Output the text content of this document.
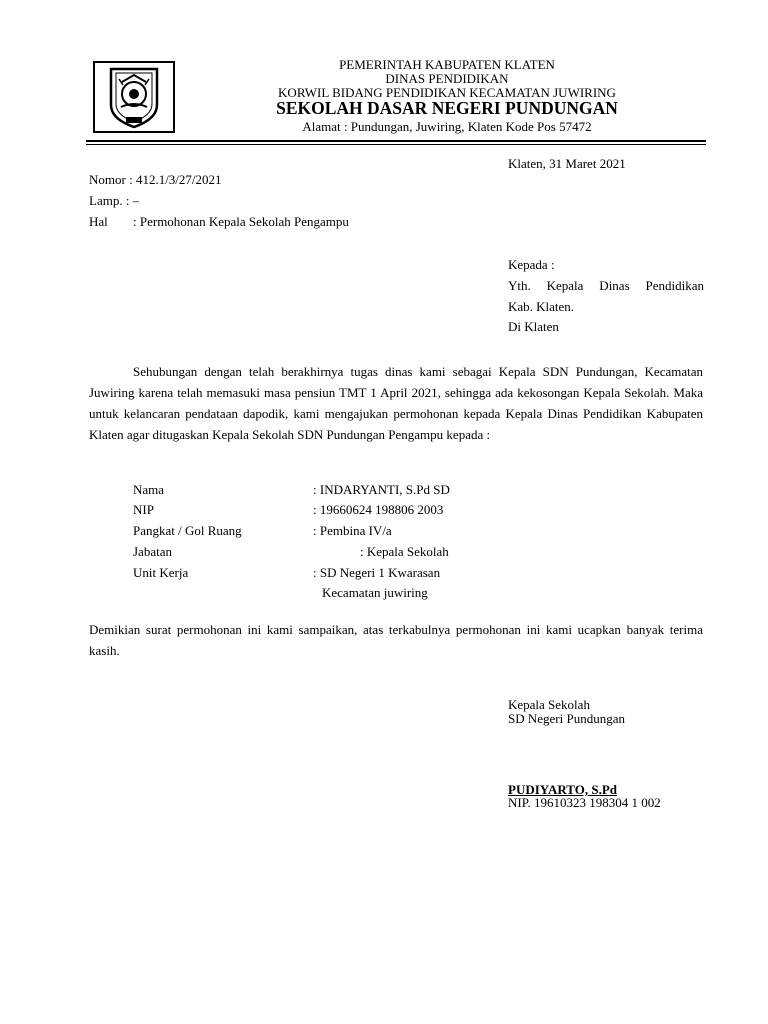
PEMERINTAH KABUPATEN KLATEN
DINAS PENDIDIKAN
KORWIL BIDANG PENDIDIKAN KECAMATAN JUWIRING
SEKOLAH DASAR NEGERI PUNDUNGAN
Alamat : Pundungan, Juwiring, Klaten Kode Pos 57472
Klaten, 31 Maret 2021
Nomor : 412.1/3/27/2021
Lamp. : –
Hal : Permohonan Kepala Sekolah Pengampu
Kepada :
Yth. Kepala Dinas Pendidikan
Kab. Klaten.
Di Klaten
Sehubungan dengan telah berakhirnya tugas dinas kami sebagai Kepala SDN Pundungan, Kecamatan Juwiring karena telah memasuki masa pensiun TMT 1 April 2021, sehingga ada kekosongan Kepala Sekolah. Maka untuk kelancaran pendataan dapodik, kami mengajukan permohonan kepada Kepala Dinas Pendidikan Kabupaten Klaten agar ditugaskan Kepala Sekolah SDN Pundungan Pengampu kepada :
Nama	: INDARYANTI, S.Pd SD
NIP	: 19660624 198806 2003
Pangkat / Gol Ruang	: Pembina IV/a
Jabatan	: Kepala Sekolah
Unit Kerja	: SD Negeri 1 Kwarasan
Kecamatan juwiring
Demikian surat permohonan ini kami sampaikan, atas terkabulnya permohonan ini kami ucapkan banyak terima kasih.
Kepala Sekolah
SD Negeri Pundungan
PUDIYARTO, S.Pd
NIP. 19610323 198304 1 002
